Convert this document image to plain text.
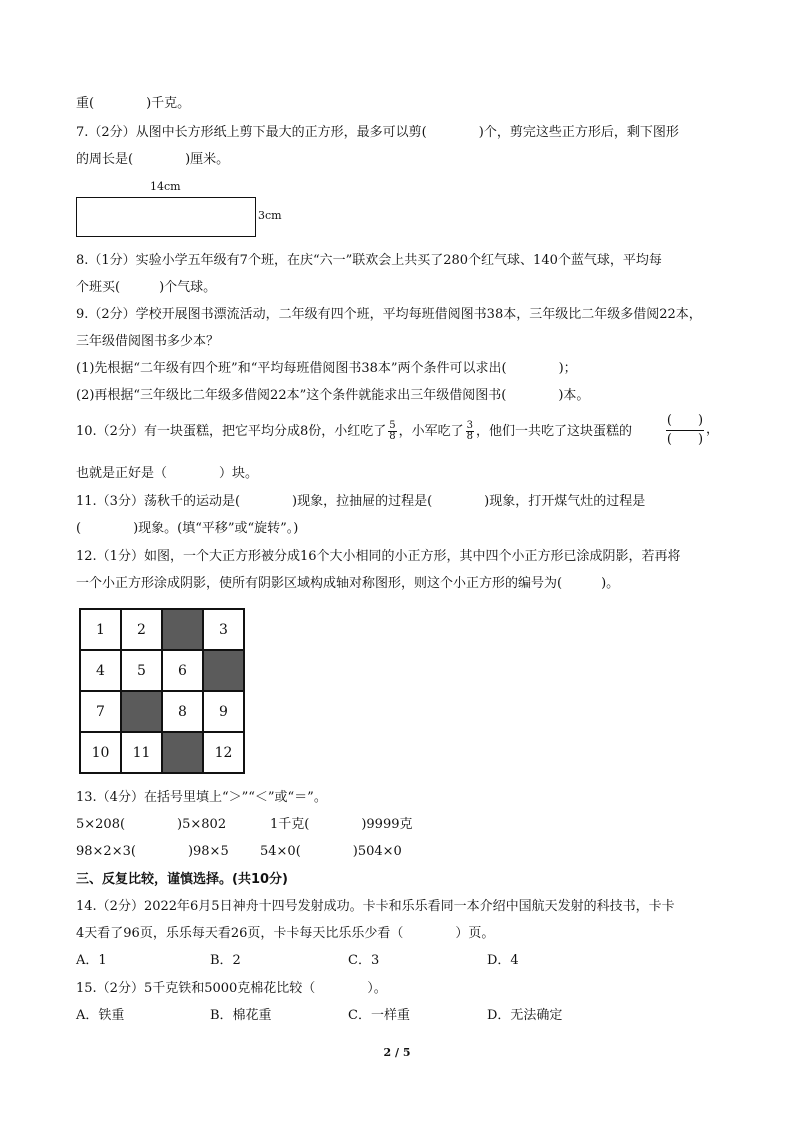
重(　　　　)千克。
7.（2分）从图中长方形纸上剪下最大的正方形，最多可以剪(　　　　)个，剪完这些正方形后，剩下图形
的周长是(　　　　)厘米。
14cm
3cm
8.（1分）实验小学五年级有7个班，在庆“六一”联欢会上共买了280个红气球、140个蓝气球，平均每
个班买(　　　)个气球。
9.（2分）学校开展图书漂流活动，二年级有四个班，平均每班借阅图书38本，三年级比二年级多借阅22本，
三年级借阅图书多少本？
(1)先根据“二年级有四个班”和“平均每班借阅图书38本”两个条件可以求出(　　　　)；
(2)再根据“三年级比二年级多借阅22本”这个条件就能求出三年级借阅图书(　　　　)本。
10.（2分）有一块蛋糕，把它平均分成8份，小红吃了 $\frac{5}{8}$ ，小军吃了 $\frac{3}{8}$ ，他们一共吃了这块蛋糕的
(　　)
(　　)
，
也就是正好是（　　　　）块。
11.（3分）荡秋千的运动是(　　　　)现象，拉抽屉的过程是(　　　　)现象，打开煤气灶的过程是
(　　　　)现象。(填“平移”或“旋转”。)
12.（1分）如图，一个大正方形被分成16个大小相同的小正方形，其中四个小正方形已涂成阴影，若再将
一个小正方形涂成阴影，使所有阴影区域构成轴对称图形，则这个小正方形的编号为(　　　)。
1	2		3
4	5	6	
7		8	9
10	11		12
13.（4分）在括号里填上“＞”“＜”或“＝”。
5×208(　　　　)5×802	1千克(　　　　)9999克
98×2×3(　　　　)98×5 54×0(　　　　)504×0
三、反复比较，谨慎选择。(共10分)
14.（2分）2022年6月5日神舟十四号发射成功。卡卡和乐乐看同一本介绍中国航天发射的科技书，卡卡
4天看了96页，乐乐每天看26页，卡卡每天比乐乐少看（　　　　）页。
A．1	B．2	C．3	D．4
15.（2分）5千克铁和5000克棉花比较（　　　　）。
A．铁重	B．棉花重	C．一样重	D．无法确定
2 / 5
